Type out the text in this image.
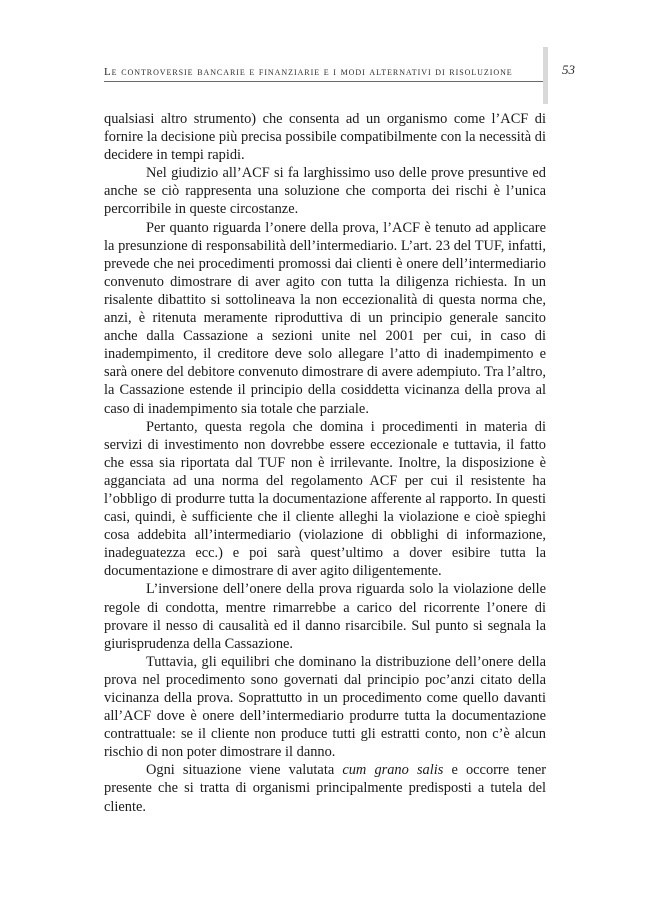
Le controversie bancarie e finanziarie e i modi alternativi di risoluzione	53

qualsiasi altro strumento) che consenta ad un organismo come l’ACF di fornire la decisione più precisa possibile compatibilmente con la necessità di decidere in tempi rapidi.

Nel giudizio all’ACF si fa larghissimo uso delle prove presuntive ed anche se ciò rappresenta una soluzione che comporta dei rischi è l’unica percorribile in queste circostanze.

Per quanto riguarda l’onere della prova, l’ACF è tenuto ad applicare la presunzione di responsabilità dell’intermediario. L’art. 23 del TUF, infatti, prevede che nei procedimenti promossi dai clienti è onere dell’intermediario convenuto dimostrare di aver agito con tutta la diligenza richiesta. In un risalente dibattito si sottolineava la non eccezionalità di questa norma che, anzi, è ritenuta meramente riproduttiva di un principio generale sancito anche dalla Cassazione a sezioni unite nel 2001 per cui, in caso di inadempimento, il creditore deve solo allegare l’atto di inadempimento e sarà onere del debitore convenuto dimostrare di avere adempiuto. Tra l’altro, la Cassazione estende il principio della cosiddetta vicinanza della prova al caso di inadempimento sia totale che parziale.

Pertanto, questa regola che domina i procedimenti in materia di servizi di investimento non dovrebbe essere eccezionale e tuttavia, il fatto che essa sia riportata dal TUF non è irrilevante. Inoltre, la disposizione è agganciata ad una norma del regolamento ACF per cui il resistente ha l’obbligo di produrre tutta la documentazione afferente al rapporto. In questi casi, quindi, è sufficiente che il cliente alleghi la violazione e cioè spieghi cosa addebita all’intermediario (violazione di obblighi di informazione, inadeguatezza ecc.) e poi sarà quest’ultimo a dover esibire tutta la documentazione e dimostrare di aver agito diligentemente.

L’inversione dell’onere della prova riguarda solo la violazione delle regole di condotta, mentre rimarrebbe a carico del ricorrente l’onere di provare il nesso di causalità ed il danno risarcibile. Sul punto si segnala la giurisprudenza della Cassazione.

Tuttavia, gli equilibri che dominano la distribuzione dell’onere della prova nel procedimento sono governati dal principio poc’anzi citato della vicinanza della prova. Soprattutto in un procedimento come quello davanti all’ACF dove è onere dell’intermediario produrre tutta la documentazione contrattuale: se il cliente non produce tutti gli estratti conto, non c’è alcun rischio di non poter dimostrare il danno.

Ogni situazione viene valutata cum grano salis e occorre tener presente che si tratta di organismi principalmente predisposti a tutela del cliente.
